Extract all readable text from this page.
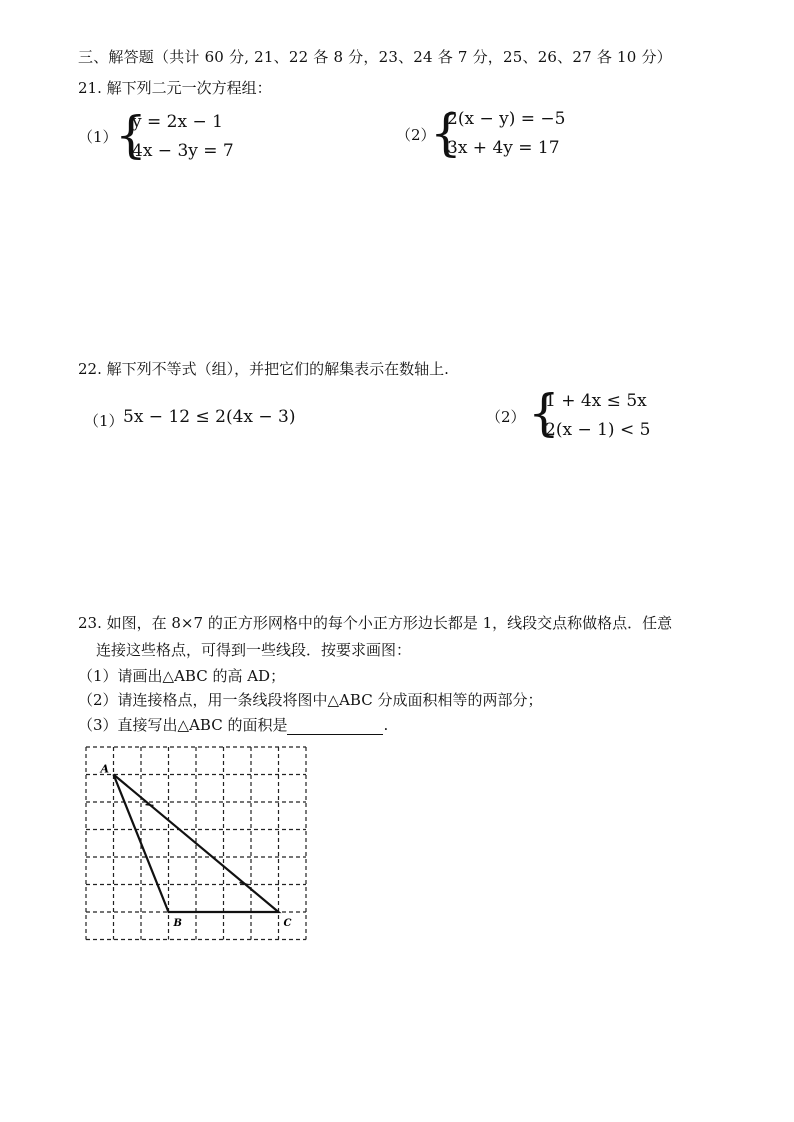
三、解答题（共计 60 分, 21、22 各 8 分，23、24 各 7 分，25、26、27 各 10 分）
21. 解下列二元一次方程组：
（1）
{
y = 2x − 1
4x − 3y = 7
（2）
{
2(x − y) = −5
3x + 4y = 17
22. 解下列不等式（组），并把它们的解集表示在数轴上.
（1） 5x − 12 ≤ 2(4x − 3)	（2） {
1 + 4x ≤ 5x
2(x − 1) < 5
23. 如图，在 8×7 的正方形网格中的每个小正方形边长都是 1，线段交点称做格点．任意
连接这些格点，可得到一些线段．按要求画图：
（1）请画出△ABC 的高 AD；
（2）请连接格点，用一条线段将图中△ABC 分成面积相等的两部分；
（3）直接写出△ABC 的面积是	.
A
B	C
